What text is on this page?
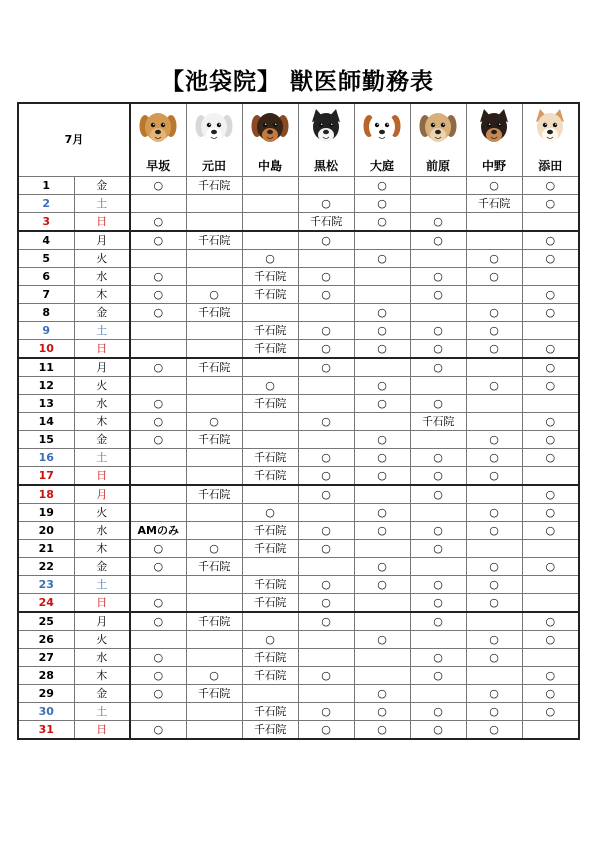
【池袋院】 獣医師勤務表
7月		早坂	元田	中島	黒松	大庭	前原	中野	添田

1	金	○	千石院			○		○	○
2	土				○	○		千石院	○
3	日	○			千石院	○	○		
4	月	○	千石院		○		○		○
5	火			○		○		○	○
6	水	○		千石院	○		○	○	
7	木	○	○	千石院	○		○		○
8	金	○	千石院			○		○	○
9	土			千石院	○	○	○	○	
10	日			千石院	○	○	○	○	○
11	月	○	千石院		○		○		○
12	火			○		○		○	○
13	水	○		千石院		○	○		
14	木	○	○		○		千石院		○
15	金	○	千石院			○		○	○
16	土			千石院	○	○	○	○	○
17	日			千石院	○	○	○	○	
18	月		千石院		○		○		○
19	火			○		○		○	○
20	水	AMのみ		千石院	○	○	○	○	○
21	木	○	○	千石院	○		○		
22	金	○	千石院			○		○	○
23	土			千石院	○	○	○	○	
24	日	○		千石院	○		○	○	
25	月	○	千石院		○		○		○
26	火			○		○		○	○
27	水	○		千石院			○	○	
28	木	○	○	千石院	○		○		○
29	金	○	千石院			○		○	○
30	土			千石院	○	○	○	○	○
31	日	○		千石院	○	○	○	○	
